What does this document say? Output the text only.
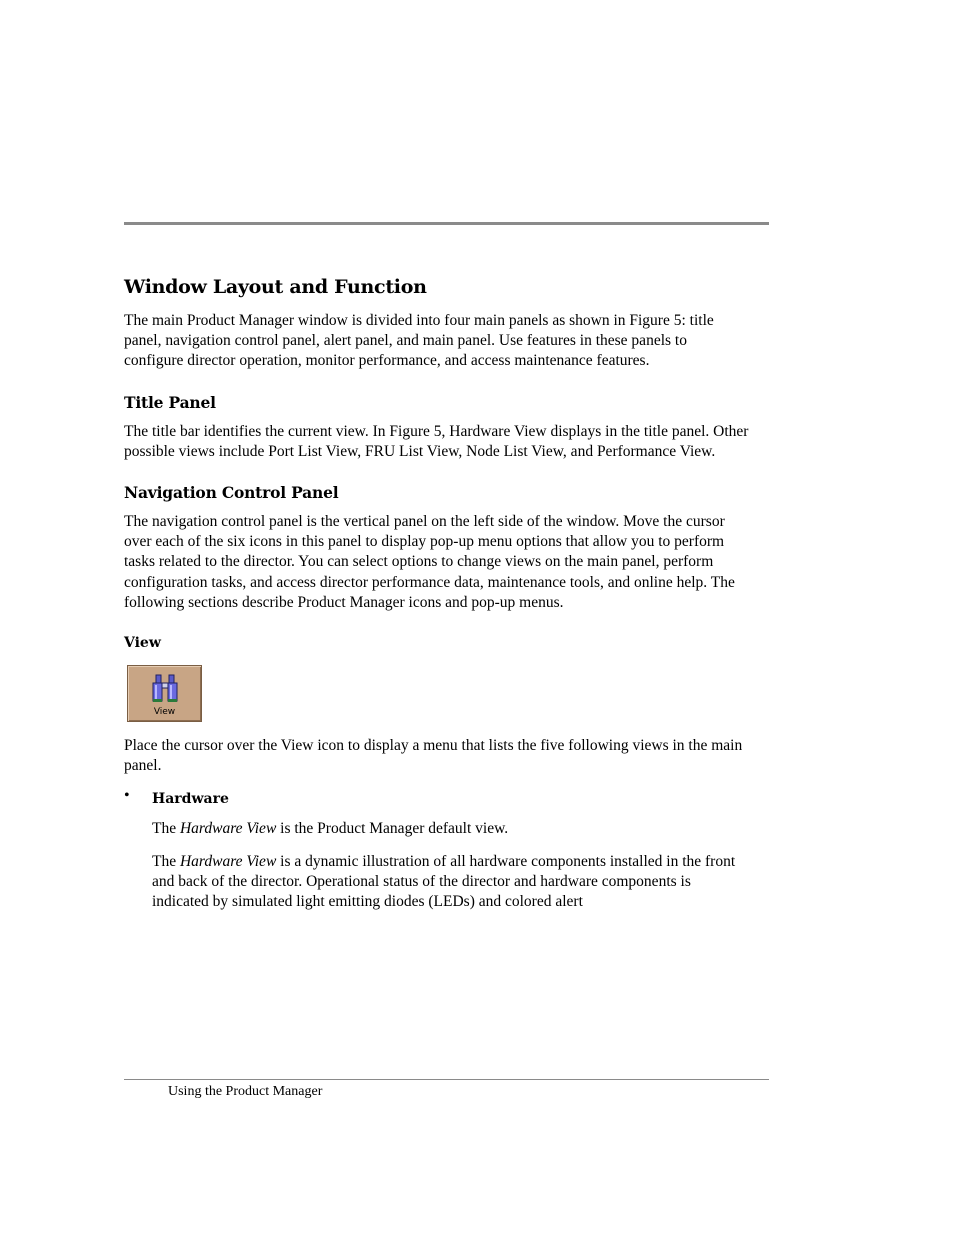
Window Layout and Function

The main Product Manager window is divided into four main panels as shown in Figure 5: title panel, navigation control panel, alert panel, and main panel. Use features in these panels to configure director operation, monitor performance, and access maintenance features.

Title Panel

The title bar identifies the current view. In Figure 5, Hardware View displays in the title panel. Other possible views include Port List View, FRU List View, Node List View, and Performance View.

Navigation Control Panel

The navigation control panel is the vertical panel on the left side of the window. Move the cursor over each of the six icons in this panel to display pop-up menu options that allow you to perform tasks related to the director. You can select options to change views on the main panel, perform configuration tasks, and access director performance data, maintenance tools, and online help. The following sections describe Product Manager icons and pop-up menus.

View
View

Place the cursor over the View icon to display a menu that lists the five following views in the main panel.

• Hardware

The Hardware View is the Product Manager default view.

The Hardware View is a dynamic illustration of all hardware components installed in the front and back of the director. Operational status of the director and hardware components is indicated by simulated light emitting diodes (LEDs) and colored alert

Using the Product Manager
